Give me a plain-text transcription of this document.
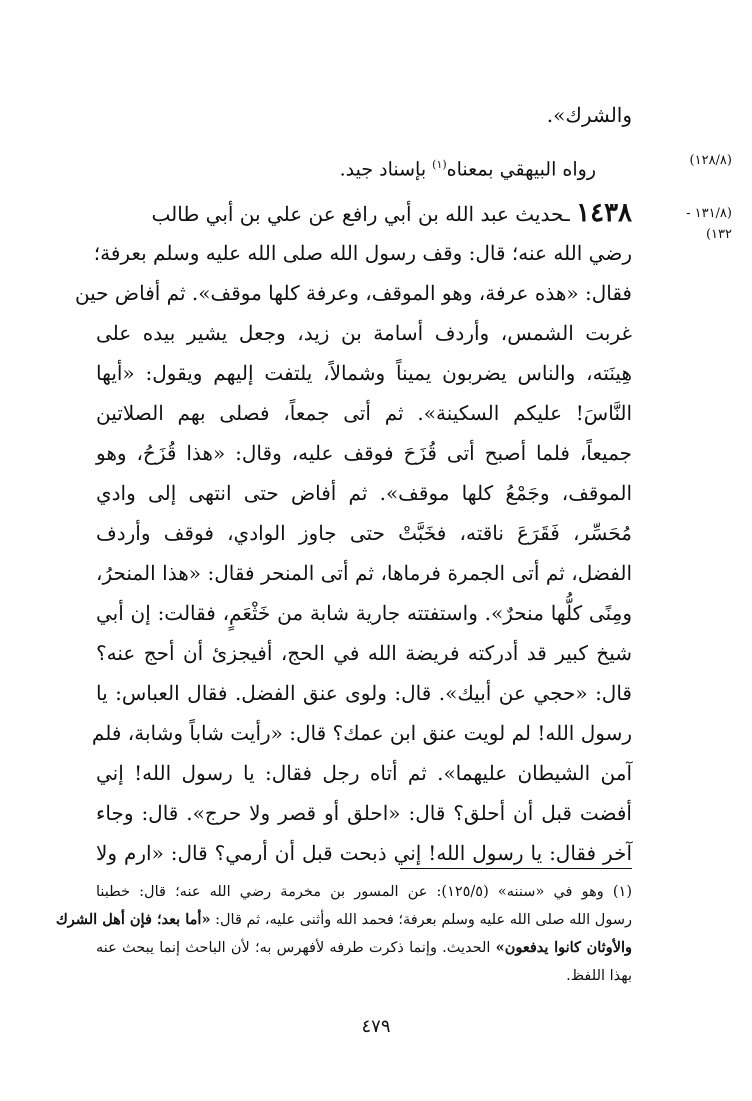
(١٢٨/٨)
(١٣١/٨ -
١٣٢)
والشرك».
رواه البيهقي بمعناه$^{(١)}$ بإسناد جيد.
١٤٣٨ ـحديث عبد الله بن أبي رافع عن علي بن أبي طالب
رضي الله عنه؛ قال: وقف رسول الله صلى الله عليه وسلم بعرفة؛
فقال: «هذه عرفة، وهو الموقف، وعرفة كلها موقف». ثم أفاض حين
غربت الشمس، وأردف أسامة بن زيد، وجعل يشير بيده على
هِينَته، والناس يضربون يميناً وشمالاً، يلتفت إليهم ويقول: «أيها
النَّاسَ! عليكم السكينة». ثم أتى جمعاً، فصلى بهم الصلاتين
جميعاً، فلما أصبح أتى قُزَحَ فوقف عليه، وقال: «هذا قُزَحُ، وهو
الموقف، وجَمْعُ كلها موقف». ثم أفاض حتى انتهى إلى وادي
مُحَسِّر، فَقَرَعَ ناقته، فخَبَّتْ حتى جاوز الوادي، فوقف وأردف
الفضل، ثم أتى الجمرة فرماها، ثم أتى المنحر فقال: «هذا المنحرُ،
ومِنًى كلُّها منحرٌ». واستفتته جارية شابة من خَثْعَمٍ، فقالت: إن أبي
شيخ كبير قد أدركته فريضة الله في الحج، أفيجزئ أن أحج عنه؟
قال: «حجي عن أبيك». قال: ولوى عنق الفضل. فقال العباس: يا
رسول الله! لم لويت عنق ابن عمك؟ قال: «رأيت شاباً وشابة، فلم
آمن الشيطان عليهما». ثم أتاه رجل فقال: يا رسول الله! إني
أفضت قبل أن أحلق؟ قال: «احلق أو قصر ولا حرج». قال: وجاء
آخر فقال: يا رسول الله! إني ذبحت قبل أن أرمي؟ قال: «ارم ولا
(١) وهو في «سننه» (١٢٥/٥): عن المسور بن مخرمة رضي الله عنه؛ قال: خطبنا
رسول الله صلى الله عليه وسلم بعرفة؛ فحمد الله وأثنى عليه، ثم قال: «أما بعد؛ فإن أهل الشرك
والأوثان كانوا يدفعون» الحديث. وإنما ذكرت طرفه لأفهرس به؛ لأن الباحث إنما يبحث عنه
بهذا اللفظ.
٤٧٩
